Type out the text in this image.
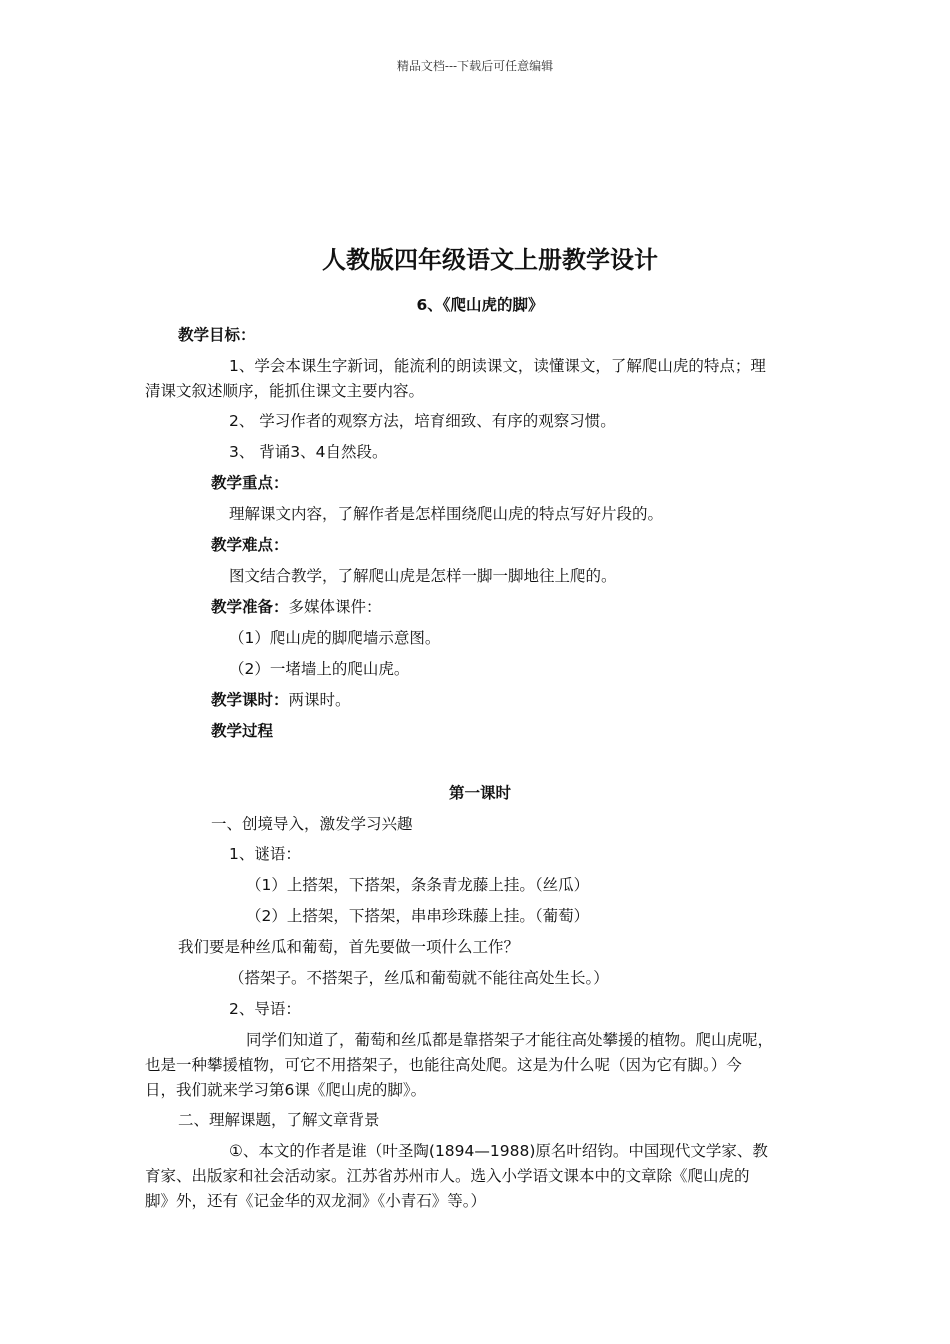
精品文档---下载后可任意编辑
人教版四年级语文上册教学设计
6、《爬山虎的脚》
教学目标：
1、学会本课生字新词，能流利的朗读课文，读懂课文，了解爬山虎的特点；理
清课文叙述顺序，能抓住课文主要内容。
2、 学习作者的观察方法，培育细致、有序的观察习惯。
3、 背诵3、4自然段。
教学重点：
理解课文内容，了解作者是怎样围绕爬山虎的特点写好片段的。
教学难点：
图文结合教学，了解爬山虎是怎样一脚一脚地往上爬的。
教学准备：多媒体课件：
（1）爬山虎的脚爬墙示意图。
（2）一堵墙上的爬山虎。
教学课时：两课时。
教学过程
第一课时
一、创境导入，激发学习兴趣
1、谜语：
（1）上搭架，下搭架，条条青龙藤上挂。（丝瓜）
（2）上搭架，下搭架，串串珍珠藤上挂。（葡萄）
我们要是种丝瓜和葡萄，首先要做一项什么工作？
（搭架子。不搭架子，丝瓜和葡萄就不能往高处生长。）
2、导语：
同学们知道了，葡萄和丝瓜都是靠搭架子才能往高处攀援的植物。爬山虎呢，
也是一种攀援植物，可它不用搭架子，也能往高处爬。这是为什么呢（因为它有脚。）今
日，我们就来学习第6课《爬山虎的脚》。
二、理解课题，了解文章背景
①、本文的作者是谁（叶圣陶(1894—1988)原名叶绍钧。中国现代文学家、教
育家、出版家和社会活动家。江苏省苏州市人。选入小学语文课本中的文章除《爬山虎的
脚》外，还有《记金华的双龙洞》《小青石》等。）
